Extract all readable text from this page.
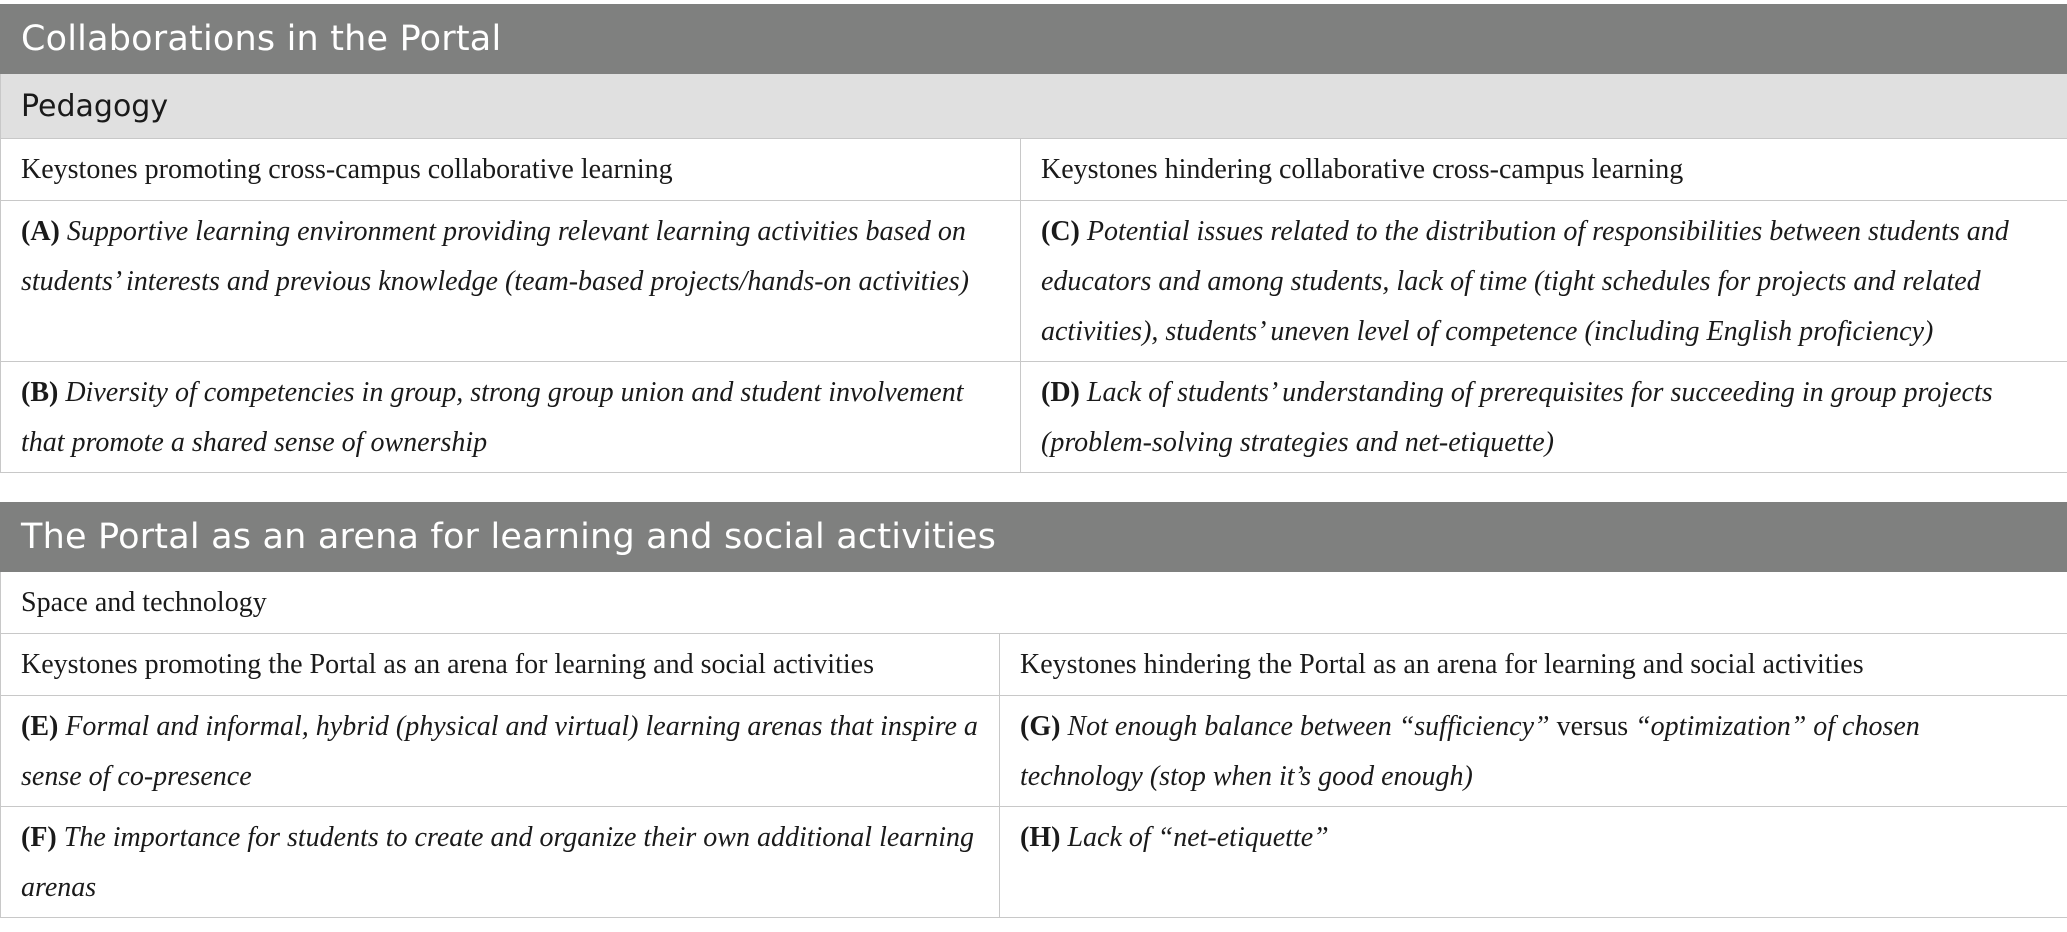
Collaborations in the Portal	
Pedagogy	
Keystones promoting cross-campus collaborative learning	Keystones hindering collaborative cross-campus learning
(A) Supportive learning environment providing relevant learning activities based on students’ interests and previous knowledge (team-based projects/hands-on activities)	(C) Potential issues related to the distribution of responsibilities between students and educators and among students, lack of time (tight schedules for projects and related activities), students’ uneven level of competence (including English proficiency)
(B) Diversity of competencies in group, strong group union and student involvement that promote a shared sense of ownership	(D) Lack of students’ understanding of prerequisites for succeeding in group projects (problem-solving strategies and net-etiquette)
The Portal as an arena for learning and social activities	
Space and technology	
Keystones promoting the Portal as an arena for learning and social activities	Keystones hindering the Portal as an arena for learning and social activities
(E) Formal and informal, hybrid (physical and virtual) learning arenas that inspire a sense of co-presence	(G) Not enough balance between “sufficiency” versus “optimization” of chosen technology (stop when it’s good enough)
(F) The importance for students to create and organize their own additional learning arenas	(H) Lack of “net-etiquette”
